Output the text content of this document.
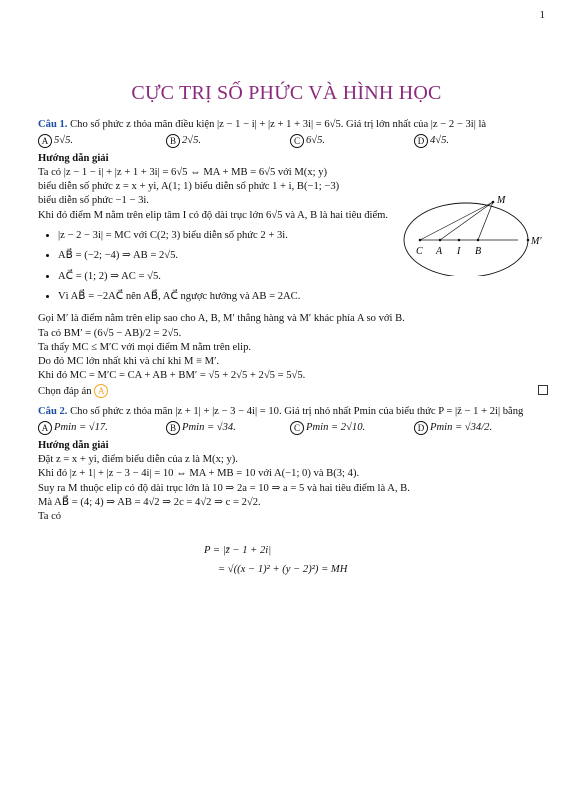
1
CỰC TRỊ SỐ PHỨC VÀ HÌNH HỌC

Câu 1. Cho số phức z thỏa mãn điều kiện |z − 1 − i| + |z + 1 + 3i| = 6√5. Giá trị lớn nhất của |z − 2 − 3i| là

A 5√5.	B 2√5.	C 6√5.	D 4√5.
Hướng dẫn giải

Ta có |z − 1 − i| + |z + 1 + 3i| = 6√5 ⇔ MA + MB = 6√5 với M(x; y)

biểu diễn số phức z = x + yi, A(1; 1) biểu diễn số phức 1 + i, B(−1; −3)

biểu diễn số phức −1 − 3i.

Khi đó điểm M nằm trên elip tâm I có độ dài trục lớn 6√5 và A, B là hai tiêu điểm.

• |z − 2 − 3i| = MC với C(2; 3) biểu diễn số phức 2 + 3i.
• AB⃗ = (−2; −4) ⇒ AB = 2√5.
• AC⃗ = (1; 2) ⇒ AC = √5.
• Vì AB⃗ = −2AC⃗ nên AB⃗, AC⃗ ngược hướng và AB = 2AC.

Gọi M′ là điểm nằm trên elip sao cho A, B, M′ thẳng hàng và M′ khác phía A so với B.

Ta có BM′ = (6√5 − AB)/2 = 2√5.

Ta thấy MC ≤ M′C với mọi điểm M nằm trên elip.

Do đó MC lớn nhất khi và chỉ khi M ≡ M′.

Khi đó MC = M′C = CA + AB + BM′ = √5 + 2√5 + 2√5 = 5√5.

Chọn đáp án A

Câu 2. Cho số phức z thỏa mãn |z + 1| + |z − 3 − 4i| = 10. Giá trị nhỏ nhất Pmin của biểu thức P = |z̄ − 1 + 2i| bằng

A Pmin = √17.	B Pmin = √34.	C Pmin = 2√10.	D Pmin = √34/2.
Hướng dẫn giải

Đặt z = x + yi, điểm biểu diễn của z là M(x; y).

Khi đó |z + 1| + |z − 3 − 4i| = 10 ⇔ MA + MB = 10 với A(−1; 0) và B(3; 4).

Suy ra M thuộc elip có độ dài trục lớn là 10 ⇒ 2a = 10 ⇒ a = 5 và hai tiêu điểm là A, B.

Mà AB⃗ = (4; 4) ⇒ AB = 4√2 ⇒ 2c = 4√2 ⇒ c = 2√2.

Ta có

P = |z̄ − 1 + 2i|

= √((x − 1)² + (y − 2)²) = MH

M
M′
C A I B
